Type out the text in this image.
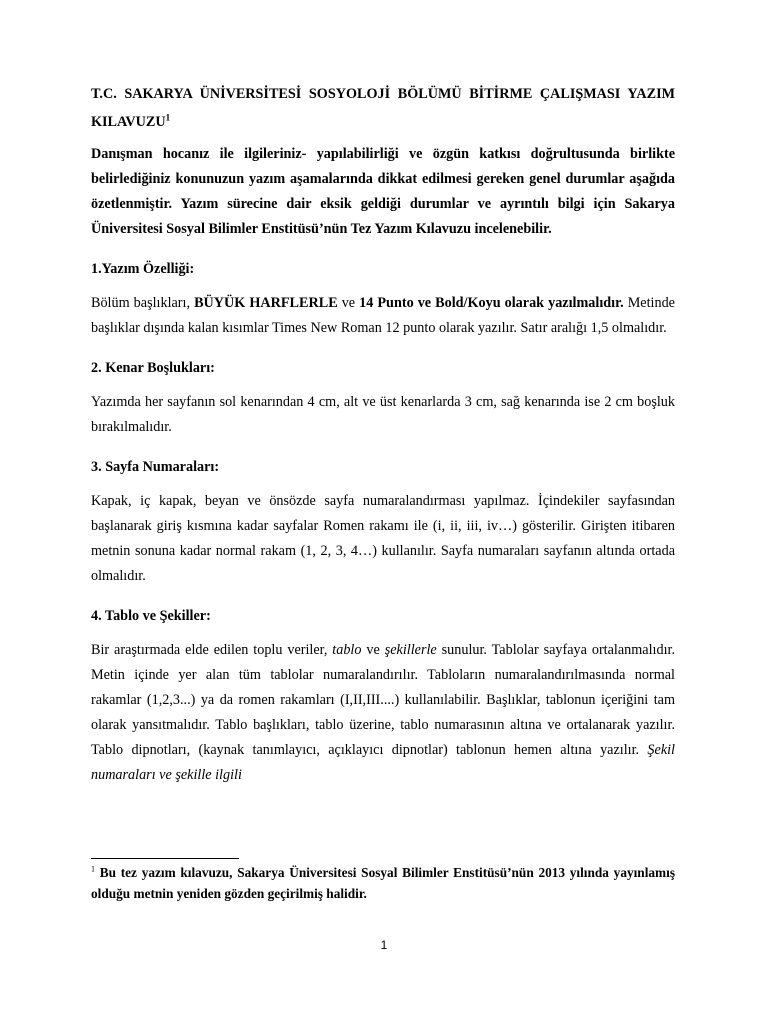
T.C. SAKARYA ÜNİVERSİTESİ SOSYOLOJİ BÖLÜMÜ BİTİRME ÇALIŞMASI YAZIM KILAVUZU$^1$

Danışman hocanız ile ilgileriniz- yapılabilirliği ve özgün katkısı doğrultusunda birlikte belirlediğiniz konunuzun yazım aşamalarında dikkat edilmesi gereken genel durumlar aşağıda özetlenmiştir. Yazım sürecine dair eksik geldiği durumlar ve ayrıntılı bilgi için Sakarya Üniversitesi Sosyal Bilimler Enstitüsü’nün Tez Yazım Kılavuzu incelenebilir.

1.Yazım Özelliği:

Bölüm başlıkları, BÜYÜK HARFLERLE ve 14 Punto ve Bold/Koyu olarak yazılmalıdır. Metinde başlıklar dışında kalan kısımlar Times New Roman 12 punto olarak yazılır. Satır aralığı 1,5 olmalıdır.

2. Kenar Boşlukları:

Yazımda her sayfanın sol kenarından 4 cm, alt ve üst kenarlarda 3 cm, sağ kenarında ise 2 cm boşluk bırakılmalıdır.

3. Sayfa Numaraları:

Kapak, iç kapak, beyan ve önsözde sayfa numaralandırması yapılmaz. İçindekiler sayfasından başlanarak giriş kısmına kadar sayfalar Romen rakamı ile (i, ii, iii, iv…) gösterilir. Girişten itibaren metnin sonuna kadar normal rakam (1, 2, 3, 4…) kullanılır. Sayfa numaraları sayfanın altında ortada olmalıdır.

4. Tablo ve Şekiller:

Bir araştırmada elde edilen toplu veriler, tablo ve şekillerle sunulur. Tablolar sayfaya ortalanmalıdır. Metin içinde yer alan tüm tablolar numaralandırılır. Tabloların numaralandırılmasında normal rakamlar (1,2,3...) ya da romen rakamları (I,II,III....) kullanılabilir. Başlıklar, tablonun içeriğini tam olarak yansıtmalıdır. Tablo başlıkları, tablo üzerine, tablo numarasının altına ve ortalanarak yazılır. Tablo dipnotları, (kaynak tanımlayıcı, açıklayıcı dipnotlar) tablonun hemen altına yazılır. Şekil numaraları ve şekille ilgili

$^1$ Bu tez yazım kılavuzu, Sakarya Üniversitesi Sosyal Bilimler Enstitüsü’nün 2013 yılında yayınlamış olduğu metnin yeniden gözden geçirilmiş halidir.
1
